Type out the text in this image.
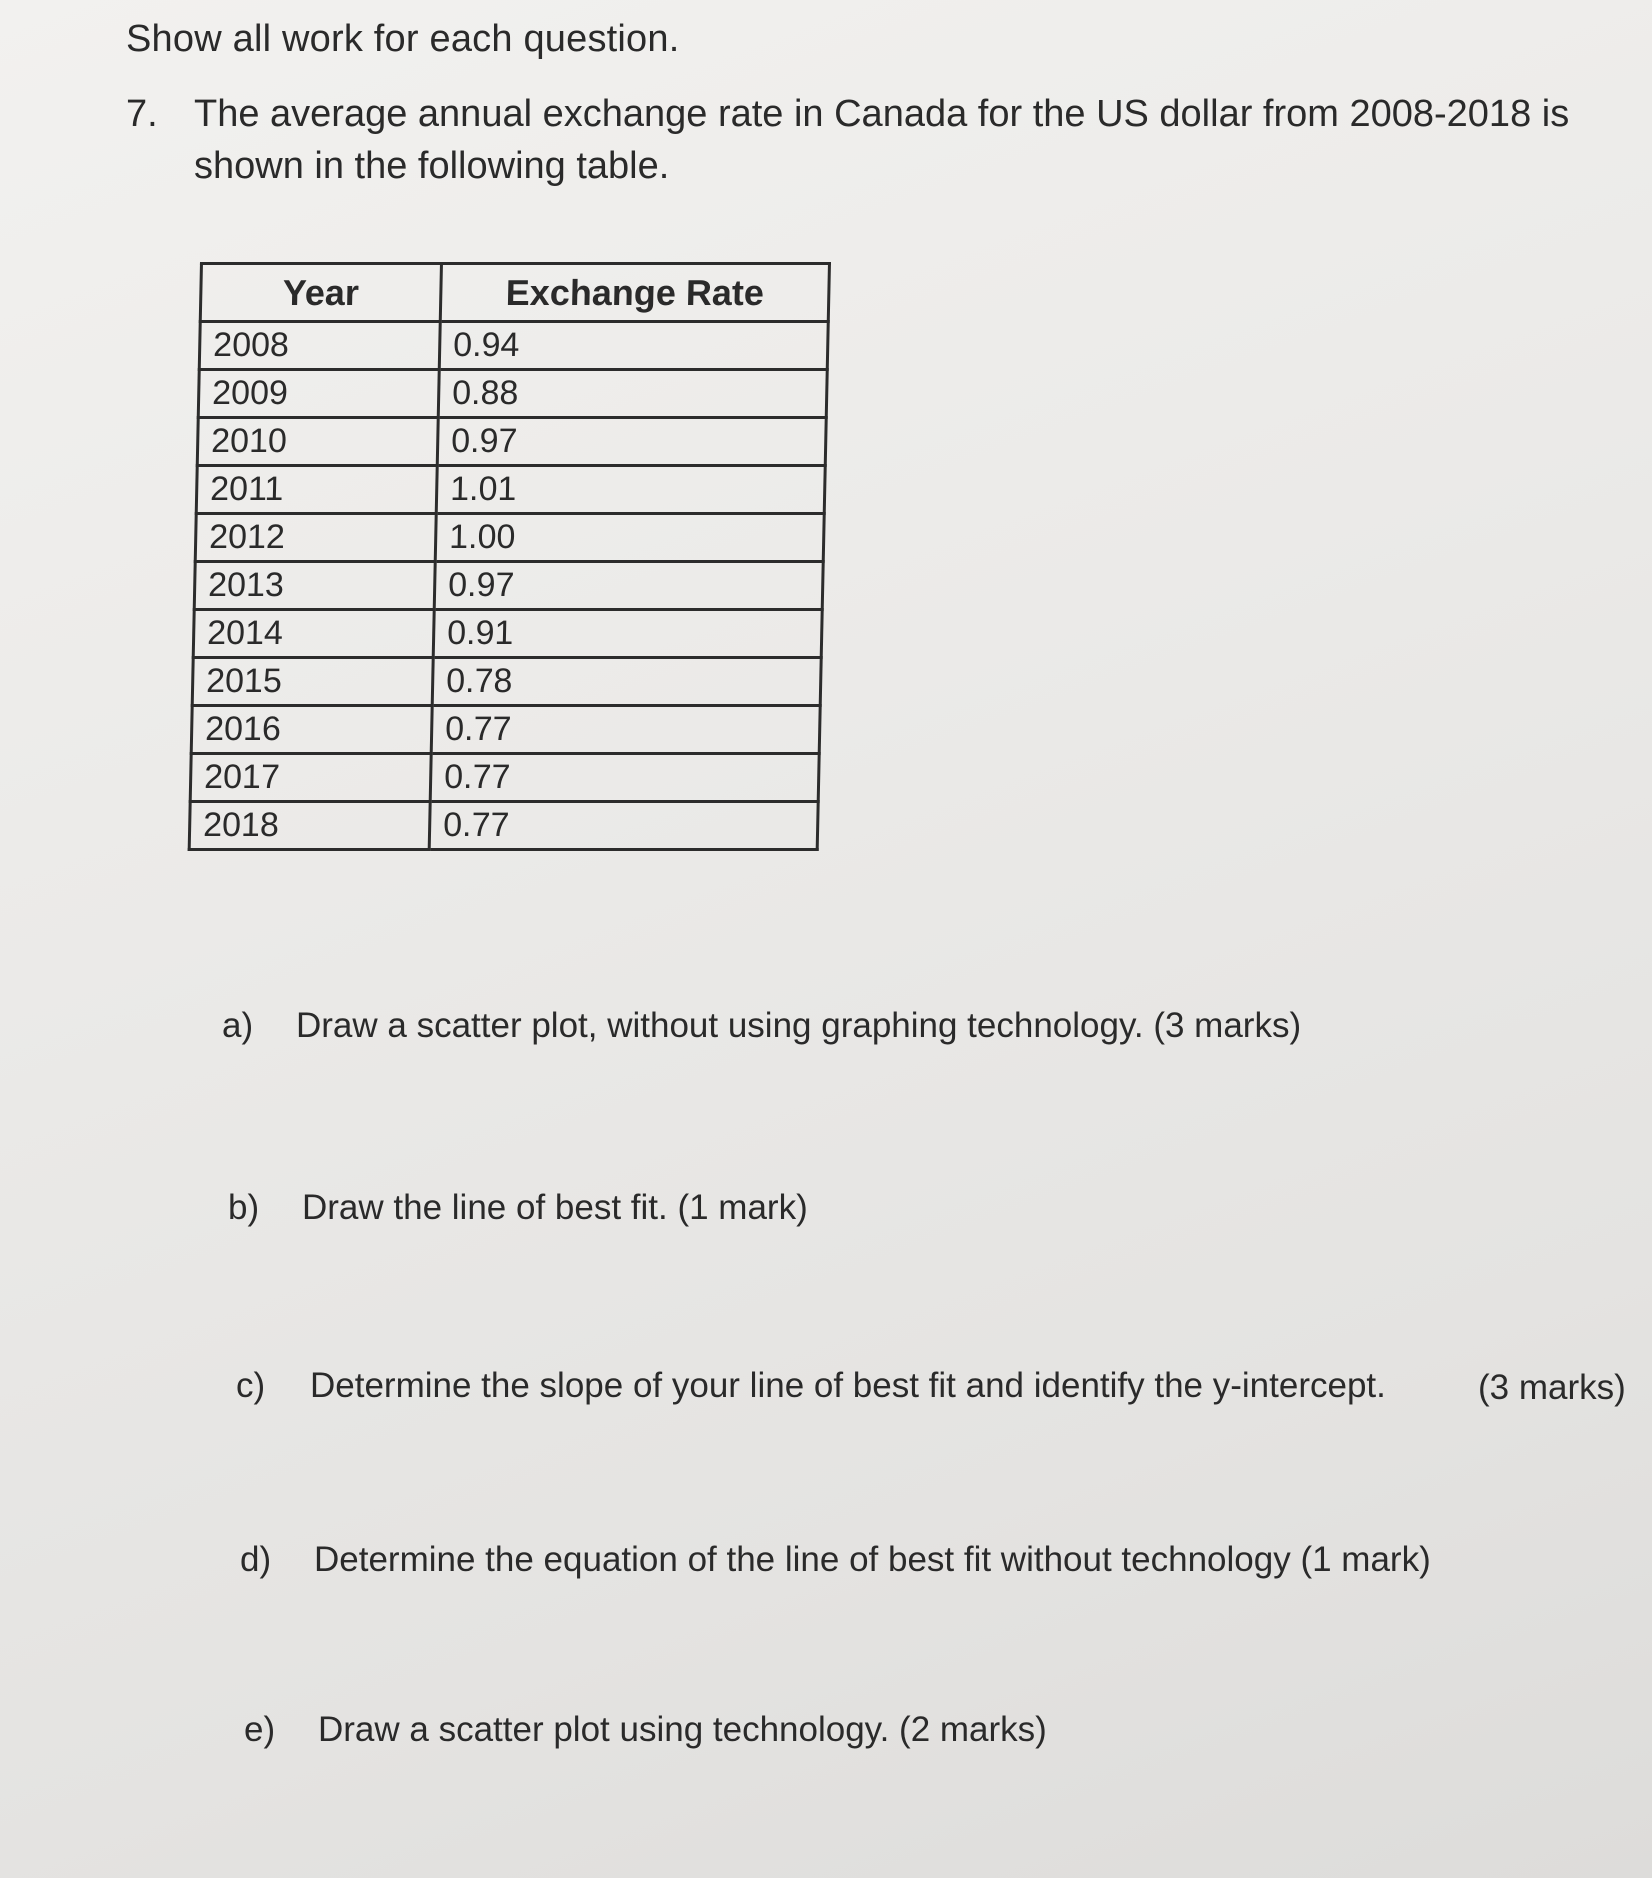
Show all work for each question.
7. The average annual exchange rate in Canada for the US dollar from 2008-2018 is shown in the following table.
Year	Exchange Rate
2008	0.94
2009	0.88
2010	0.97
2011	1.01
2012	1.00
2013	0.97
2014	0.91
2015	0.78
2016	0.77
2017	0.77
2018	0.77
a) Draw a scatter plot, without using graphing technology. (3 marks)
b) Draw the line of best fit. (1 mark)
c) Determine the slope of your line of best fit and identify the y-intercept.	(3 marks)
d) Determine the equation of the line of best fit without technology (1 mark)
e) Draw a scatter plot using technology. (2 marks)
